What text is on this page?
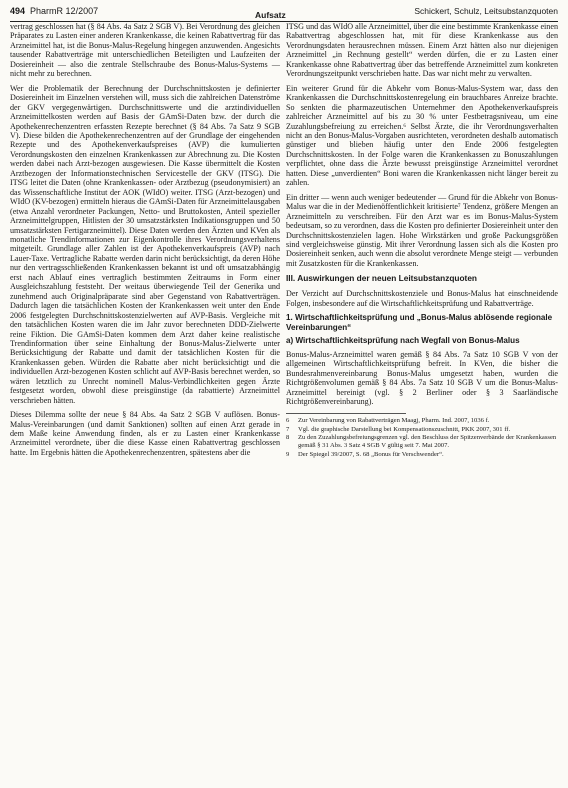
494 PharmR 12/2007	Aufsatz	Schickert, Schulz, Leitsubstanzquoten

vertrag geschlossen hat (§ 84 Abs. 4a Satz 2 SGB V). Bei Verordnung des gleichen Präparates zu Lasten einer anderen Krankenkasse, die keinen Rabattvertrag für das Arzneimittel hat, ist die Bonus-Malus-Regelung hingegen anzuwenden. Angesichts tausender Rabattverträge mit unterschiedlichen Beteiligten und Laufzeiten der Dosiereinheit — also die zentrale Stellschraube des Bonus-Malus-Systems — nicht mehr zu berechnen.

Wer die Problematik der Berechnung der Durchschnittskosten je definierter Dosiereinheit im Einzelnen verstehen will, muss sich die zahlreichen Datenströme der GKV vergegenwärtigen. Durchschnittswerte und die arztindividuellen Arzneimittelkosten werden auf Basis der GAmSi-Daten bzw. der durch die Apothekenrechenzentren erfassten Rezepte berechnet (§ 84 Abs. 7a Satz 9 SGB V). Diese bilden die Apothekenrechenzentren auf der Grundlage der eingehenden Rezepte und des Apothekenverkaufspreises (AVP) die kumulierten Verordnungskosten den einzelnen Krankenkassen zur Abrechnung zu. Die Kosten werden dabei nach Arzt-bezogen ausgewiesen. Die Kasse übermittelt die Kosten Arztbezogen der Informationstechnischen Servicestelle der GKV (ITSG). Die ITSG leitet die Daten (ohne Krankenkassen- oder Arztbezug (pseudonymisiert) an das Wissenschaftliche Institut der AOK (WIdO) weiter. ITSG (Arzt-bezogen) und WIdO (KV-bezogen) ermitteln hieraus die GAmSi-Daten für Arzneimittelausgaben (etwa Anzahl verordneter Packungen, Netto- und Bruttokosten, Anteil spezieller Arzneimittelgruppen, Hitlisten der 30 umsatzstärksten Indikationsgruppen und 50 umsatzstärksten Fertigarzneimittel). Diese Daten werden den Ärzten und KVen als monatliche Trendinformationen zur Eigenkontrolle ihres Verordnungsverhaltens mitgeteilt. Grundlage aller Zahlen ist der Apothekenverkaufspreis (AVP) nach Lauer-Taxe. Vertragliche Rabatte werden darin nicht berücksichtigt, da deren Höhe nur den vertragsschließenden Krankenkassen bekannt ist und oft umsatzabhängig erst nach Ablauf eines vertraglich bestimmten Zeitraums in Form einer Ausgleichszahlung feststeht. Der weitaus überwiegende Teil der Generika und zunehmend auch Originalpräparate sind aber Gegenstand von Rabattverträgen. Dadurch lagen die tatsächlichen Kosten der Krankenkassen weit unter den Ende 2006 festgelegten Durchschnittskostenzielwerten auf AVP-Basis. Vergleiche mit den tatsächlichen Kosten waren die im Jahr zuvor berechneten DDD-Zielwerte reine Fiktion. Die GAmSi-Daten kommen dem Arzt daher keine realistische Trendinformation über seine Einhaltung der Bonus-Malus-Zielwerte unter Berücksichtigung der Rabatte und damit der tatsächlichen Kosten für die Krankenkassen geben. Würden die Rabatte aber nicht berücksichtigt und die individuellen Arzt-bezogenen Kosten schlicht auf AVP-Basis berechnet werden, so wären letztlich zu Unrecht nominell Malus-Verbindlichkeiten gegen Ärzte festgesetzt worden, obwohl diese preisgünstige (da rabattierte) Arzneimittel verschrieben hätten.

Dieses Dilemma sollte der neue § 84 Abs. 4a Satz 2 SGB V auflösen. Bonus-Malus-Vereinbarungen (und damit Sanktionen) sollten auf einen Arzt gerade in dem Maße keine Anwendung finden, als er zu Lasten einer Krankenkasse Arzneimittel verordnete, über die diese Kasse einen Rabattvertrag geschlossen hatte. Im Ergebnis hätten die Apothekenrechenzentren, spätestens aber die

ITSG und das WIdO alle Arzneimittel, über die eine bestimmte Krankenkasse einen Rabattvertrag abgeschlossen hat, mit für diese Krankenkasse aus den Verordnungsdaten herausrechnen müssen. Einem Arzt hätten also nur diejenigen Arzneimittel „in Rechnung gestellt“ werden dürfen, die er zu Lasten einer Krankenkasse ohne Rabattvertrag über das betreffende Arzneimittel zum konkreten Verordnungszeitpunkt verschrieben hatte. Das war nicht mehr zu verwalten.

Ein weiterer Grund für die Abkehr vom Bonus-Malus-System war, dass den Krankenkassen die Durchschnittskostenregelung ein brauchbares Anreize brachte. So senkten die pharmazeutischen Unternehmer den Apothekenverkaufspreis zahlreicher Arzneimittel auf bis zu 30 % unter Festbetragsniveau, um eine Zuzahlungsbefreiung zu erreichen.⁶ Selbst Ärzte, die ihr Verordnungsverhalten nicht an den Bonus-Malus-Vorgaben ausrichteten, verordneten deshalb automatisch günstiger und blieben häufig unter den Ende 2006 festgelegten Durchschnittskosten. In der Folge waren die Krankenkassen zu Bonuszahlungen verpflichtet, ohne dass die Ärzte bewusst preisgünstige Arzneimittel verordnet hatten. Diese „unverdienten“ Boni waren die Krankenkassen nicht länger bereit zu zahlen.

Ein dritter — wenn auch weniger bedeutender — Grund für die Abkehr von Bonus-Malus war die in der Medienöffentlichkeit kritisierte⁷ Tendenz, größere Mengen an Arzneimitteln zu verschreiben. Für den Arzt war es im Bonus-Malus-System bedeutsam, so zu verordnen, dass die Kosten pro definierter Dosiereinheit unter den Durchschnittskostenzielen lagen. Hohe Wirkstärken und große Packungsgrößen sind vergleichsweise günstig. Mit ihrer Verordnung lassen sich als die Kosten pro Dosiereinheit senken, auch wenn die absolut verordnete Menge steigt — verbunden mit Zusatzkosten für die Krankenkassen.

III. Auswirkungen der neuen Leitsubstanzquoten

Der Verzicht auf Durchschnittskostenziele und Bonus-Malus hat einschneidende Folgen, insbesondere auf die Wirtschaftlichkeitsprüfung und Rabattverträge.

1. Wirtschaftlichkeitsprüfung und „Bonus-Malus ablösende regionale Vereinbarungen“
a) Wirtschaftlichkeitsprüfung nach Wegfall von Bonus-Malus

Bonus-Malus-Arzneimittel waren gemäß § 84 Abs. 7a Satz 10 SGB V von der allgemeinen Wirtschaftlichkeitsprüfung befreit. In KVen, die bisher die Bundesrahmenvereinbarung Bonus-Malus umgesetzt haben, wurden die Richtgrößenvolumen gemäß § 84 Abs. 7a Satz 10 SGB V um die Bonus-Malus-Arzneimittel bereinigt (vgl. § 2 Berliner oder § 3 Saarländische Richtgrößenvereinbarung).

6	Zur Vereinbarung von Rabattverträgen Maagj, Pharm. Ind. 2007, 1036 f.
7	Vgl. die graphische Darstellung bei Kompensationszuschnitt, PKK 2007, 301 ff.
8	Zu den Zuzahlungsbefreiungsgrenzen vgl. den Beschluss der Spitzenverbände der Krankenkassen gemäß § 31 Abs. 3 Satz 4 SGB V gültig seit 7. Mai 2007.
9	Der Spiegel 39/2007, S. 68 „Bonus für Verschwender“.
